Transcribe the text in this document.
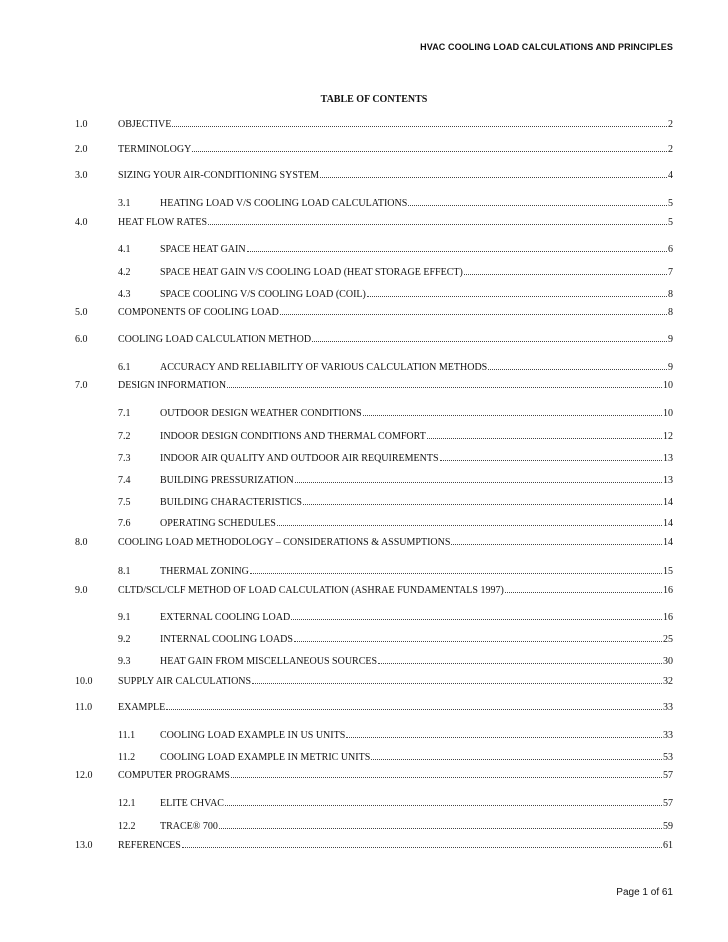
HVAC COOLING LOAD CALCULATIONS AND PRINCIPLES
TABLE OF CONTENTS
1.0	OBJECTIVE	2
2.0	TERMINOLOGY	2
3.0	SIZING YOUR AIR-CONDITIONING SYSTEM	4
3.1	HEATING LOAD V/S COOLING LOAD CALCULATIONS	5
4.0	HEAT FLOW RATES	5
4.1	SPACE HEAT GAIN	6
4.2	SPACE HEAT GAIN V/S COOLING LOAD (HEAT STORAGE EFFECT)	7
4.3	SPACE COOLING V/S COOLING LOAD (COIL)	8
5.0	COMPONENTS OF COOLING LOAD	8
6.0	COOLING LOAD CALCULATION METHOD	9
6.1	ACCURACY AND RELIABILITY OF VARIOUS CALCULATION METHODS	9
7.0	DESIGN INFORMATION	10
7.1	OUTDOOR DESIGN WEATHER CONDITIONS	10
7.2	INDOOR DESIGN CONDITIONS AND THERMAL COMFORT	12
7.3	INDOOR AIR QUALITY AND OUTDOOR AIR REQUIREMENTS	13
7.4	BUILDING PRESSURIZATION	13
7.5	BUILDING CHARACTERISTICS	14
7.6	OPERATING SCHEDULES	14
8.0	COOLING LOAD METHODOLOGY – CONSIDERATIONS & ASSUMPTIONS	14
8.1	THERMAL ZONING	15
9.0	CLTD/SCL/CLF METHOD OF LOAD CALCULATION (ASHRAE FUNDAMENTALS 1997)	16
9.1	EXTERNAL COOLING LOAD	16
9.2	INTERNAL COOLING LOADS	25
9.3	HEAT GAIN FROM MISCELLANEOUS SOURCES	30
10.0	SUPPLY AIR CALCULATIONS	32
11.0	EXAMPLE	33
11.1 COOLING LOAD EXAMPLE IN US UNITS	33
11.2 COOLING LOAD EXAMPLE IN METRIC UNITS	53
12.0	COMPUTER PROGRAMS	57
12.1 ELITE CHVAC	57
12.2 TRACE® 700	59
13.0	REFERENCES	61
Page 1 of 61
